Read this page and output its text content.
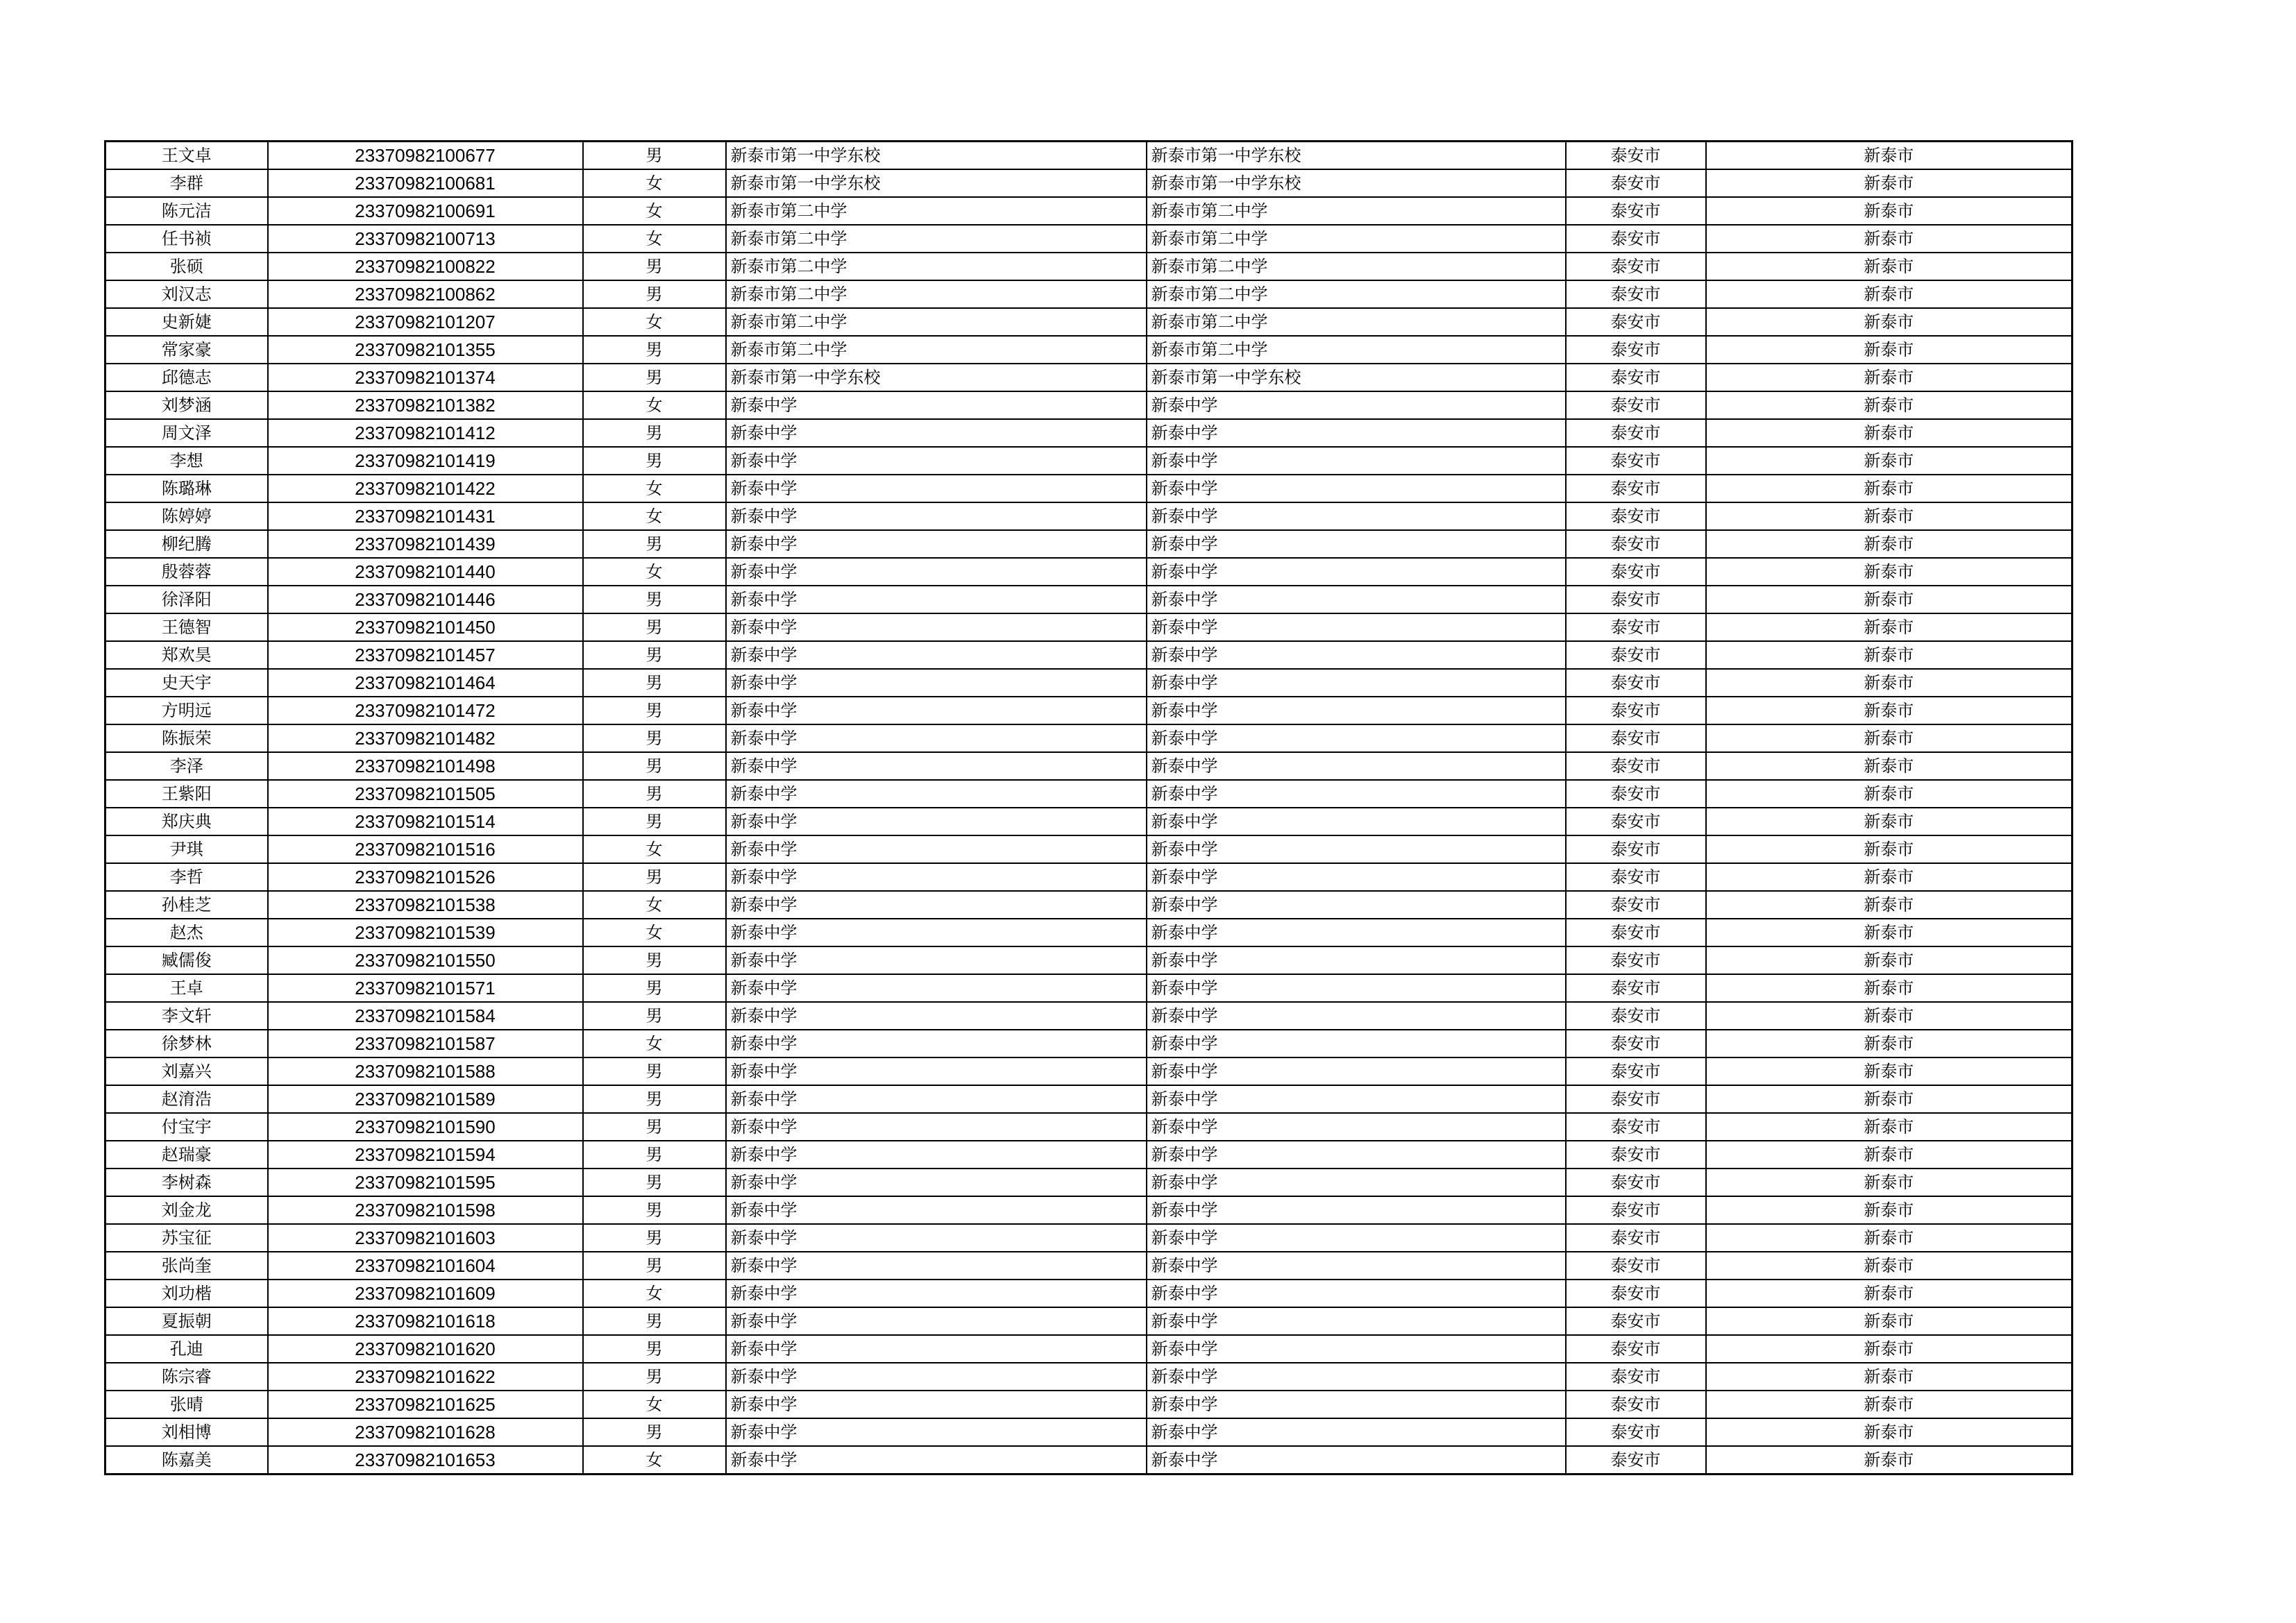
王文卓	23370982100677	男	新泰市第一中学东校	新泰市第一中学东校	泰安市	新泰市
李群	23370982100681	女	新泰市第一中学东校	新泰市第一中学东校	泰安市	新泰市
陈元洁	23370982100691	女	新泰市第二中学	新泰市第二中学	泰安市	新泰市
任书祯	23370982100713	女	新泰市第二中学	新泰市第二中学	泰安市	新泰市
张硕	23370982100822	男	新泰市第二中学	新泰市第二中学	泰安市	新泰市
刘汉志	23370982100862	男	新泰市第二中学	新泰市第二中学	泰安市	新泰市
史新婕	23370982101207	女	新泰市第二中学	新泰市第二中学	泰安市	新泰市
常家豪	23370982101355	男	新泰市第二中学	新泰市第二中学	泰安市	新泰市
邱德志	23370982101374	男	新泰市第一中学东校	新泰市第一中学东校	泰安市	新泰市
刘梦涵	23370982101382	女	新泰中学	新泰中学	泰安市	新泰市
周文泽	23370982101412	男	新泰中学	新泰中学	泰安市	新泰市
李想	23370982101419	男	新泰中学	新泰中学	泰安市	新泰市
陈璐琳	23370982101422	女	新泰中学	新泰中学	泰安市	新泰市
陈婷婷	23370982101431	女	新泰中学	新泰中学	泰安市	新泰市
柳纪腾	23370982101439	男	新泰中学	新泰中学	泰安市	新泰市
殷蓉蓉	23370982101440	女	新泰中学	新泰中学	泰安市	新泰市
徐泽阳	23370982101446	男	新泰中学	新泰中学	泰安市	新泰市
王德智	23370982101450	男	新泰中学	新泰中学	泰安市	新泰市
郑欢昊	23370982101457	男	新泰中学	新泰中学	泰安市	新泰市
史天宇	23370982101464	男	新泰中学	新泰中学	泰安市	新泰市
方明远	23370982101472	男	新泰中学	新泰中学	泰安市	新泰市
陈振荣	23370982101482	男	新泰中学	新泰中学	泰安市	新泰市
李泽	23370982101498	男	新泰中学	新泰中学	泰安市	新泰市
王紫阳	23370982101505	男	新泰中学	新泰中学	泰安市	新泰市
郑庆典	23370982101514	男	新泰中学	新泰中学	泰安市	新泰市
尹琪	23370982101516	女	新泰中学	新泰中学	泰安市	新泰市
李哲	23370982101526	男	新泰中学	新泰中学	泰安市	新泰市
孙桂芝	23370982101538	女	新泰中学	新泰中学	泰安市	新泰市
赵杰	23370982101539	女	新泰中学	新泰中学	泰安市	新泰市
臧儒俊	23370982101550	男	新泰中学	新泰中学	泰安市	新泰市
王卓	23370982101571	男	新泰中学	新泰中学	泰安市	新泰市
李文轩	23370982101584	男	新泰中学	新泰中学	泰安市	新泰市
徐梦林	23370982101587	女	新泰中学	新泰中学	泰安市	新泰市
刘嘉兴	23370982101588	男	新泰中学	新泰中学	泰安市	新泰市
赵淯浩	23370982101589	男	新泰中学	新泰中学	泰安市	新泰市
付宝宇	23370982101590	男	新泰中学	新泰中学	泰安市	新泰市
赵瑞豪	23370982101594	男	新泰中学	新泰中学	泰安市	新泰市
李树森	23370982101595	男	新泰中学	新泰中学	泰安市	新泰市
刘金龙	23370982101598	男	新泰中学	新泰中学	泰安市	新泰市
苏宝征	23370982101603	男	新泰中学	新泰中学	泰安市	新泰市
张尚奎	23370982101604	男	新泰中学	新泰中学	泰安市	新泰市
刘功楷	23370982101609	女	新泰中学	新泰中学	泰安市	新泰市
夏振朝	23370982101618	男	新泰中学	新泰中学	泰安市	新泰市
孔迪	23370982101620	男	新泰中学	新泰中学	泰安市	新泰市
陈宗睿	23370982101622	男	新泰中学	新泰中学	泰安市	新泰市
张晴	23370982101625	女	新泰中学	新泰中学	泰安市	新泰市
刘相博	23370982101628	男	新泰中学	新泰中学	泰安市	新泰市
陈嘉美	23370982101653	女	新泰中学	新泰中学	泰安市	新泰市
